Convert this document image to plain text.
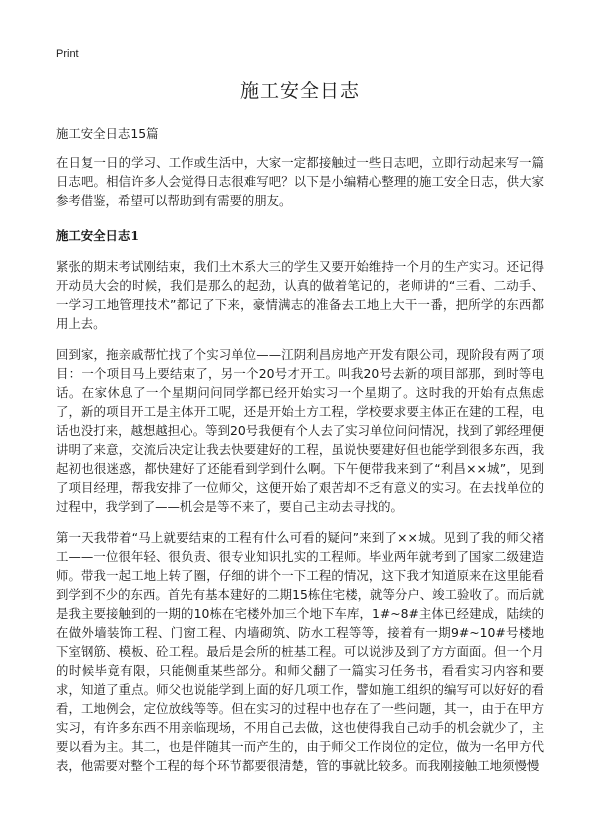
Print
施工安全日志
施工安全日志15篇

在日复一日的学习、工作或生活中，大家一定都接触过一些日志吧，立即行动起来写一篇日志吧。相信许多人会觉得日志很难写吧？以下是小编精心整理的施工安全日志，供大家参考借鉴，希望可以帮助到有需要的朋友。

施工安全日志1

紧张的期末考试刚结束，我们土木系大三的学生又要开始维持一个月的生产实习。还记得开动员大会的时候，我们是那么的起劲，认真的做着笔记的，老师讲的“三看、二动手、一学习工地管理技术”都记了下来，豪情满志的准备去工地上大干一番，把所学的东西都用上去。

回到家，拖亲戚帮忙找了个实习单位——江阴利昌房地产开发有限公司，现阶段有两了项目：一个项目马上要结束了，另一个20号才开工。叫我20号去新的项目部那，到时等电话。在家休息了一个星期问问同学都已经开始实习一个星期了。这时我的开始有点焦虑了，新的项目开工是主体开工呢，还是开始土方工程，学校要求要主体正在建的工程，电话也没打来，越想越担心。等到20号我便有个人去了实习单位问问情况，找到了郭经理便讲明了来意，交流后决定让我去快要建好的工程，虽说快要建好但也能学到很多东西，我起初也很迷惑，都快建好了还能看到学到什么啊。下午便带我来到了“利昌××城”，见到了项目经理，帮我安排了一位师父，这便开始了艰苦却不乏有意义的实习。在去找单位的过程中，我学到了——机会是等不来了，要自己主动去寻找的。

第一天我带着“马上就要结束的工程有什么可看的疑问”来到了××城。见到了我的师父褚工——一位很年轻、很负责、很专业知识扎实的工程师。毕业两年就考到了国家二级建造师。带我一起工地上转了圈，仔细的讲个一下工程的情况，这下我才知道原来在这里能看到学到不少的东西。首先有基本建好的二期15栋住宅楼，就等分户、竣工验收了。而后就是我主要接触到的一期的10栋在宅楼外加三个地下车库，1#~8#主体已经建成，陆续的在做外墙装饰工程、门窗工程、内墙砌筑、防水工程等等，接着有一期9#~10#号楼地下室钢筋、模板、砼工程。最后是会所的桩基工程。可以说涉及到了方方面面。但一个月的时候毕竟有限，只能侧重某些部分。和师父翻了一篇实习任务书，看看实习内容和要求，知道了重点。师父也说能学到上面的好几项工作，譬如施工组织的编写可以好好的看看，工地例会，定位放线等等。但在实习的过程中也存在了一些问题，其一，由于在甲方实习，有许多东西不用亲临现场，不用自己去做，这也使得我自己动手的机会就少了，主要以看为主。其二，也是伴随其一而产生的，由于师父工作岗位的定位，做为一名甲方代表，他需要对整个工程的每个环节都要很清楚，管的事就比较多。而我刚接触工地须慢慢
